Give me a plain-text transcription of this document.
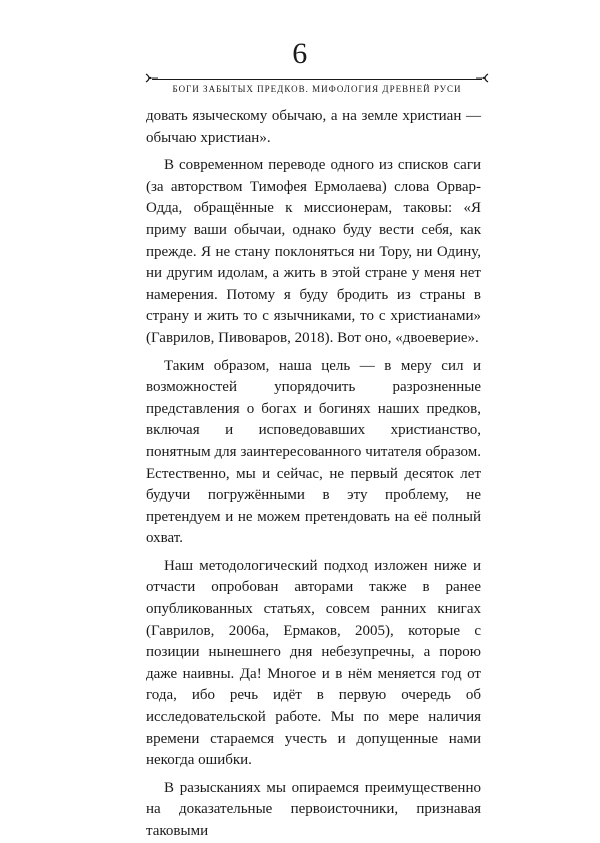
6
БОГИ ЗАБЫТЫХ ПРЕДКОВ. МИФОЛОГИЯ ДРЕВНЕЙ РУСИ

довать языческому обычаю, а на земле христиан — обычаю христиан».

В современном переводе одного из списков саги (за авторством Тимофея Ермолаева) слова Орвар-Одда, обращённые к миссионерам, таковы: «Я приму ваши обычаи, однако буду вести себя, как прежде. Я не стану поклоняться ни Тору, ни Одину, ни другим идолам, а жить в этой стране у меня нет намерения. Потому я буду бродить из страны в страну и жить то с язычниками, то с христианами» (Гаврилов, Пивоваров, 2018). Вот оно, «двоеверие».

Таким образом, наша цель — в меру сил и возможностей упорядочить разрозненные представления о богах и богинях наших предков, включая и исповедовавших христианство, понятным для заинтересованного читателя образом. Естественно, мы и сейчас, не первый десяток лет будучи погружёнными в эту проблему, не претендуем и не можем претендовать на её полный охват.

Наш методологический подход изложен ниже и отчасти опробован авторами также в ранее опубликованных статьях, совсем ранних книгах (Гаврилов, 2006а, Ермаков, 2005), которые с позиции нынешнего дня небезупречны, а порою даже наивны. Да! Многое и в нём меняется год от года, ибо речь идёт в первую очередь об исследовательской работе. Мы по мере наличия времени стараемся учесть и допущенные нами некогда ошибки.

В разысканиях мы опираемся преимущественно на доказательные первоисточники, признавая таковыми
